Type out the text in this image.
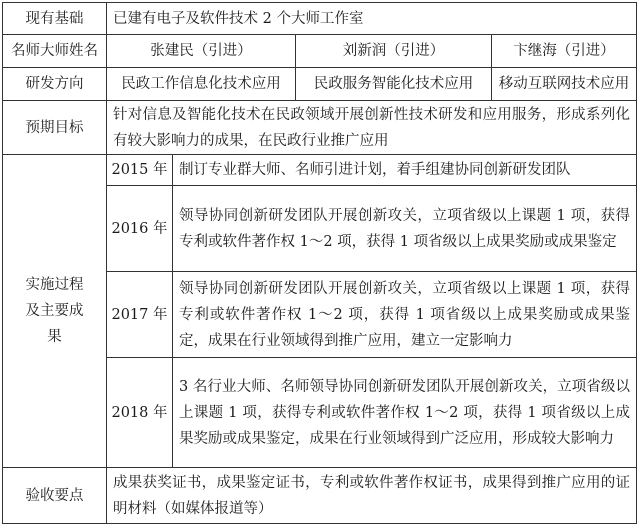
现有基础	已建有电子及软件技术 2 个大师工作室			
名师大师姓名	张建民（引进）		刘新润（引进）	卞继海（引进）
研发方向	民政工作信息化技术应用		民政服务智能化技术应用	移动互联网技术应用
预期目标	针对信息及智能化技术在民政领域开展创新性技术研发和应用服务，形成系列化有较大影响力的成果，在民政行业推广应用			
实施过程
及主要成
果	2015 年	制订专业群大师、名师引进计划，着手组建协同创新研发团队		
	2016 年	领导协同创新研发团队开展创新攻关，立项省级以上课题 1 项，获得专利或软件著作权 1～2 项，获得 1 项省级以上成果奖励或成果鉴定		
	2017 年	领导协同创新研发团队开展创新攻关，立项省级以上课题 1 项，获得专利或软件著作权 1～2 项，获得 1 项省级以上成果奖励或成果鉴定，成果在行业领域得到推广应用，建立一定影响力		
	2018 年	3 名行业大师、名师领导协同创新研发团队开展创新攻关，立项省级以上课题 1 项，获得专利或软件著作权 1～2 项，获得 1 项省级以上成果奖励或成果鉴定，成果在行业领域得到广泛应用，形成较大影响力		
验收要点	成果获奖证书，成果鉴定证书，专利或软件著作权证书，成果得到推广应用的证明材料（如媒体报道等）			
